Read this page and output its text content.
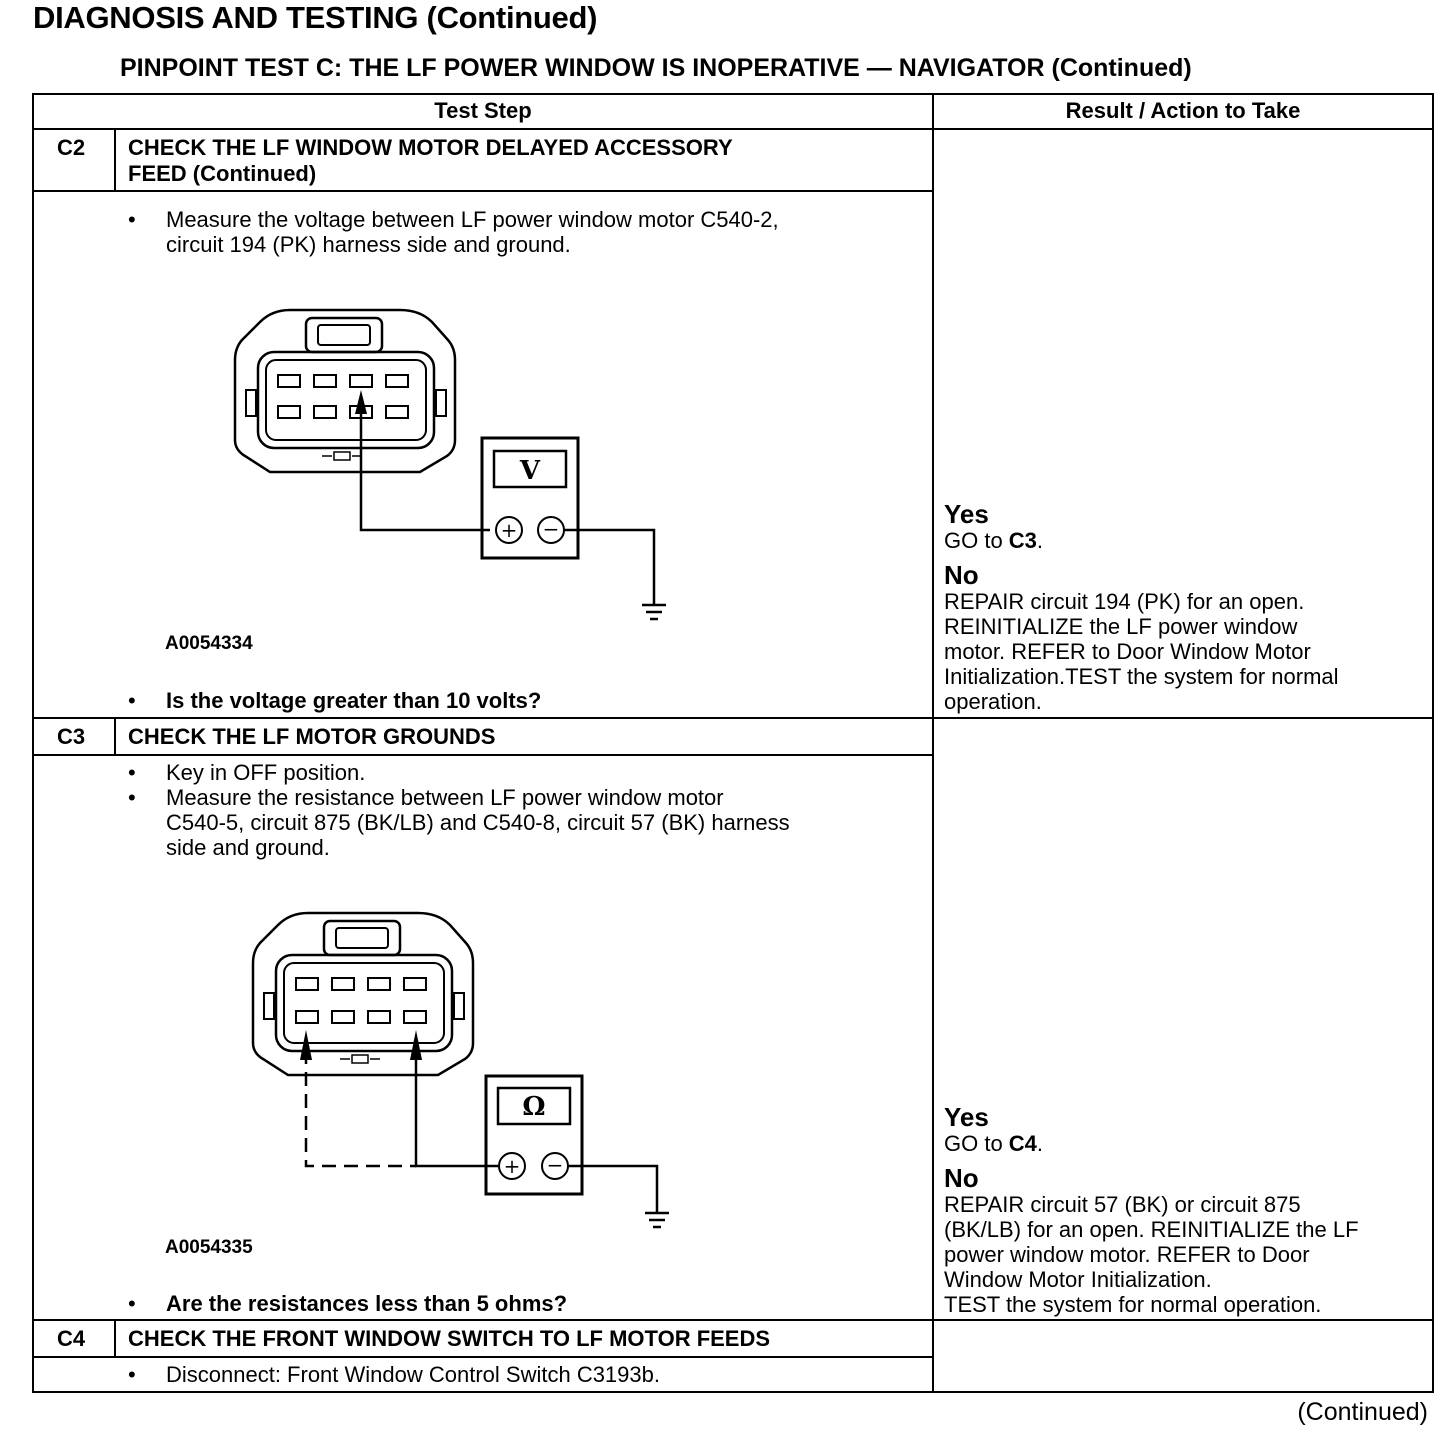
DIAGNOSIS AND TESTING (Continued)
PINPOINT TEST C: THE LF POWER WINDOW IS INOPERATIVE — NAVIGATOR (Continued)
Test Step	Result / Action to Take
C2 CHECK THE LF WINDOW MOTOR DELAYED ACCESSORY
FEED (Continued)
• Measure the voltage between LF power window motor C540-2,
circuit 194 (PK) harness side and ground.
+ −
V
A0054334
• Is the voltage greater than 10 volts?
Yes
GO to C3.
No
REPAIR circuit 194 (PK) for an open.
REINITIALIZE the LF power window
motor. REFER to Door Window Motor
Initialization.TEST the system for normal
operation.
C3 CHECK THE LF MOTOR GROUNDS
• Key in OFF position.
• Measure the resistance between LF power window motor
C540-5, circuit 875 (BK/LB) and C540-8, circuit 57 (BK) harness
side and ground.
+ −
Ω
A0054335
• Are the resistances less than 5 ohms?
Yes
GO to C4.
No
REPAIR circuit 57 (BK) or circuit 875
(BK/LB) for an open. REINITIALIZE the LF
power window motor. REFER to Door
Window Motor Initialization.
TEST the system for normal operation.
C4 CHECK THE FRONT WINDOW SWITCH TO LF MOTOR FEEDS
• Disconnect: Front Window Control Switch C3193b.
(Continued)
